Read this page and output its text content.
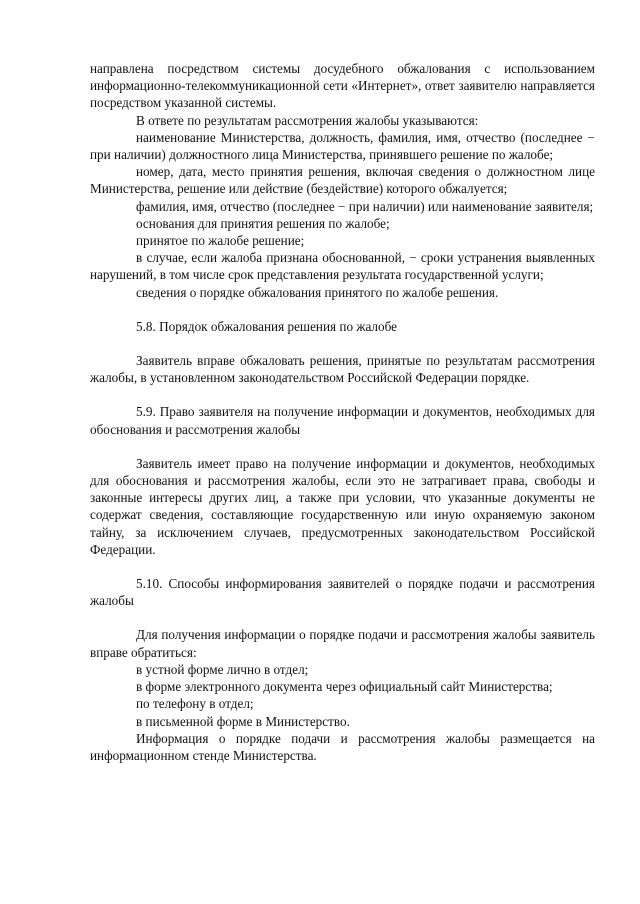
направлена посредством системы досудебного обжалования с использованием информационно-телекоммуникационной сети «Интернет», ответ заявителю направляется посредством указанной системы.

В ответе по результатам рассмотрения жалобы указываются:

наименование Министерства, должность, фамилия, имя, отчество (последнее − при наличии) должностного лица Министерства, принявшего решение по жалобе;

номер, дата, место принятия решения, включая сведения о должностном лице Министерства, решение или действие (бездействие) которого обжалуется;

фамилия, имя, отчество (последнее − при наличии) или наименование заявителя;

основания для принятия решения по жалобе;

принятое по жалобе решение;

в случае, если жалоба признана обоснованной, − сроки устранения выявленных нарушений, в том числе срок представления результата государственной услуги;

сведения о порядке обжалования принятого по жалобе решения.

5.8. Порядок обжалования решения по жалобе

Заявитель вправе обжаловать решения, принятые по результатам рассмотрения жалобы, в установленном законодательством Российской Федерации порядке.

5.9. Право заявителя на получение информации и документов, необходимых для обоснования и рассмотрения жалобы

Заявитель имеет право на получение информации и документов, необходимых для обоснования и рассмотрения жалобы, если это не затрагивает права, свободы и законные интересы других лиц, а также при условии, что указанные документы не содержат сведения, составляющие государственную или иную охраняемую законом тайну, за исключением случаев, предусмотренных законодательством Российской Федерации.

5.10. Способы информирования заявителей о порядке подачи и рассмотрения жалобы

Для получения информации о порядке подачи и рассмотрения жалобы заявитель вправе обратиться:

в устной форме лично в отдел;

в форме электронного документа через официальный сайт Министерства;

по телефону в отдел;

в письменной форме в Министерство.

Информация о порядке подачи и рассмотрения жалобы размещается на информационном стенде Министерства.
